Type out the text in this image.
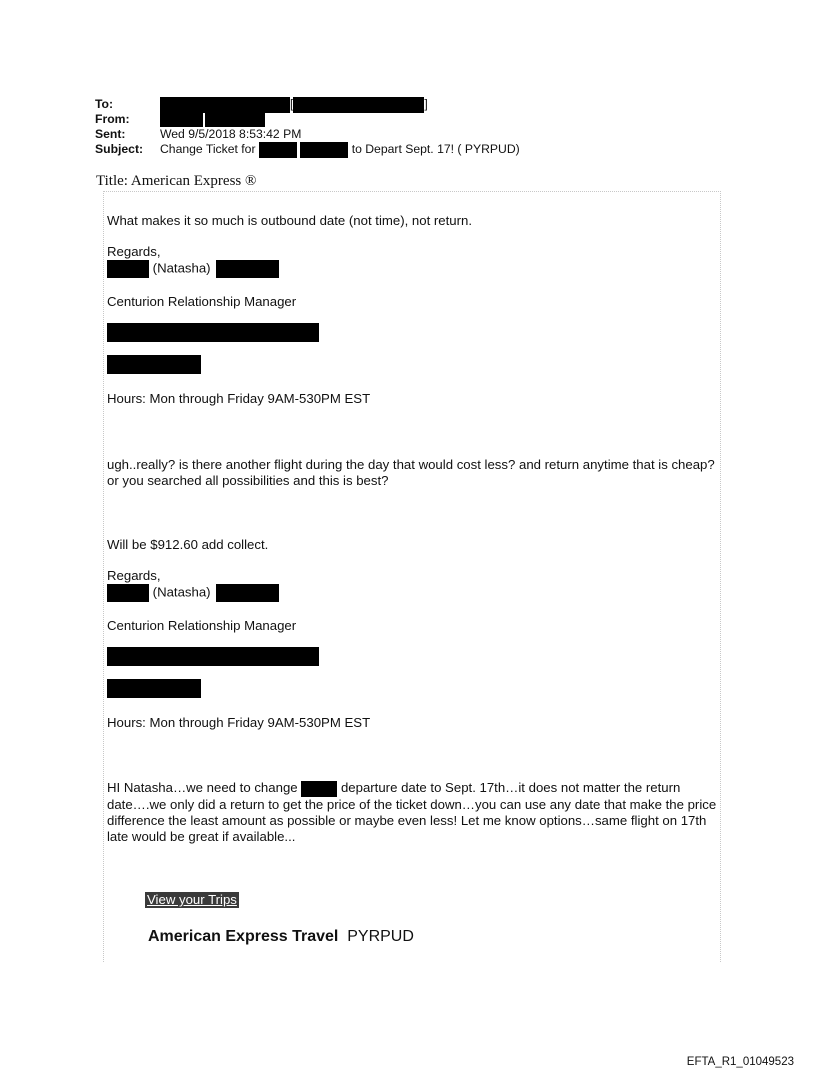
To:	[	]
From:
Sent:	Wed 9/5/2018 8:53:42 PM
Subject: Change Ticket for	to Depart Sept. 17! ( PYRPUD)
Title: American Express ®
What makes it so much is outbound date (not time), not return.
Regards,
(Natasha)
Centurion Relationship Manager
Hours: Mon through Friday 9AM-530PM EST
ugh..really? is there another flight during the day that would cost less? and return anytime that is cheap? or you searched all possibilities and this is best?
Will be $912.60 add collect.
Regards,
(Natasha)
Centurion Relationship Manager
Hours: Mon through Friday 9AM-530PM EST
HI Natasha…we need to change	departure date to Sept. 17th…it does not matter the return date….we only did a return to get the price of the ticket down…you can use any date that make the price difference the least amount as possible or maybe even less! Let me know options…same flight on 17th late would be great if available...
View your Trips
American Express Travel PYRPUD
EFTA_R1_01049523
